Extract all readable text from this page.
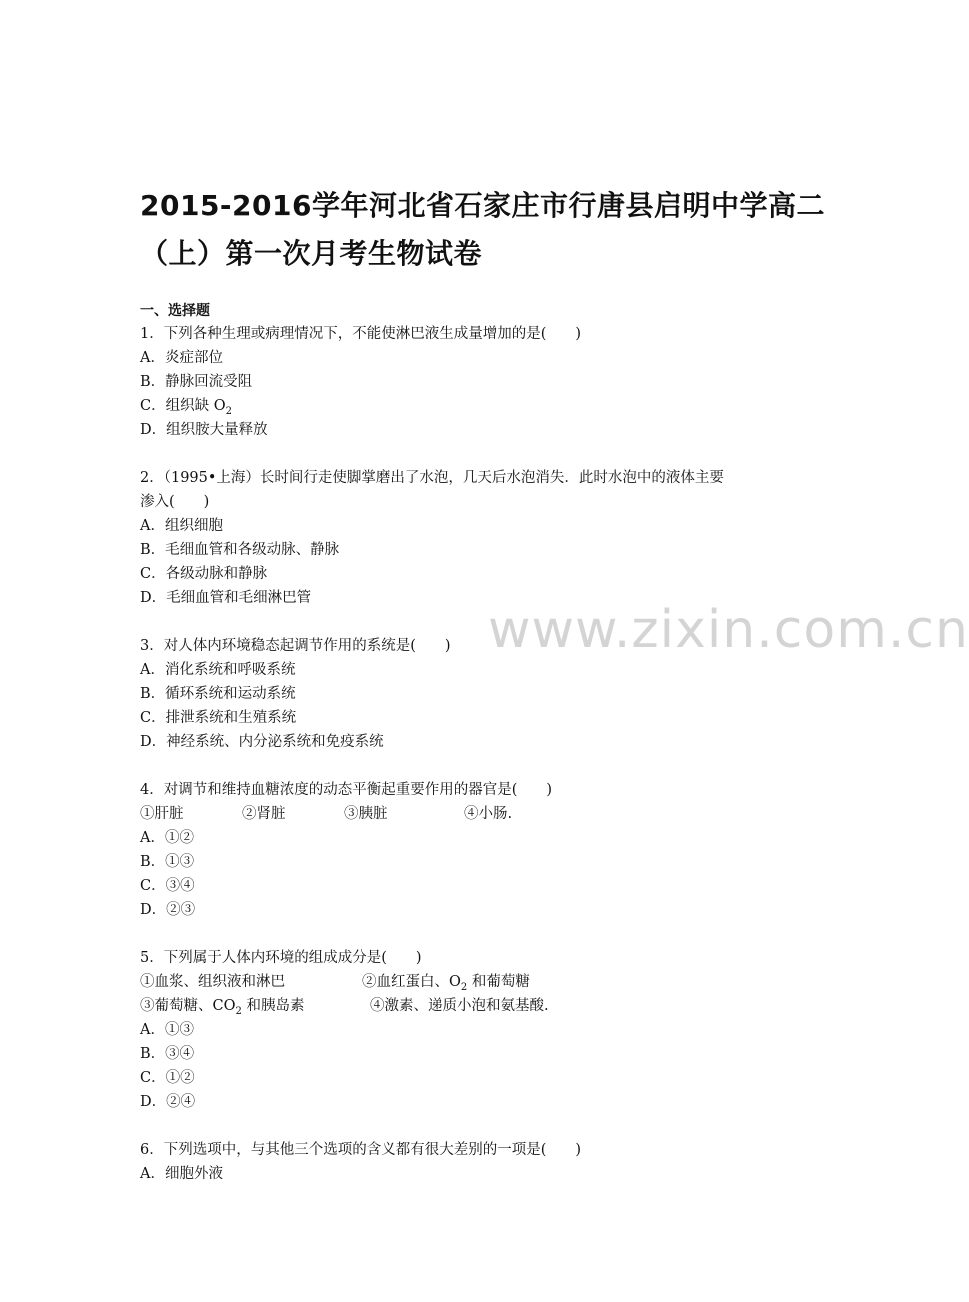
2015-2016学年河北省石家庄市行唐县启明中学高二
（上）第一次月考生物试卷
一、选择题
www.zixin.com.cn
1．下列各种生理或病理情况下，不能使淋巴液生成量增加的是(　　)
A．炎症部位
B．静脉回流受阻
C．组织缺 $O_2$
D．组织胺大量释放
2．（1995•上海）长时间行走使脚掌磨出了水泡，几天后水泡消失．此时水泡中的液体主要
渗入(　　)
A．组织细胞
B．毛细血管和各级动脉、静脉
C．各级动脉和静脉
D．毛细血管和毛细淋巴管
3．对人体内环境稳态起调节作用的系统是(　　)
A．消化系统和呼吸系统
B．循环系统和运动系统
C．排泄系统和生殖系统
D．神经系统、内分泌系统和免疫系统
4．对调节和维持血糖浓度的动态平衡起重要作用的器官是(　　)
①肝脏	②肾脏	③胰脏	④小肠.
A．①②
B．①③
C．③④
D．②③
5．下列属于人体内环境的组成成分是(　　)
①血浆、组织液和淋巴	②血红蛋白、$O_2$ 和葡萄糖
③葡萄糖、$CO_2$ 和胰岛素	④激素、递质小泡和氨基酸.
A．①③
B．③④
C．①②
D．②④
6．下列选项中，与其他三个选项的含义都有很大差别的一项是(　　)
A．细胞外液
